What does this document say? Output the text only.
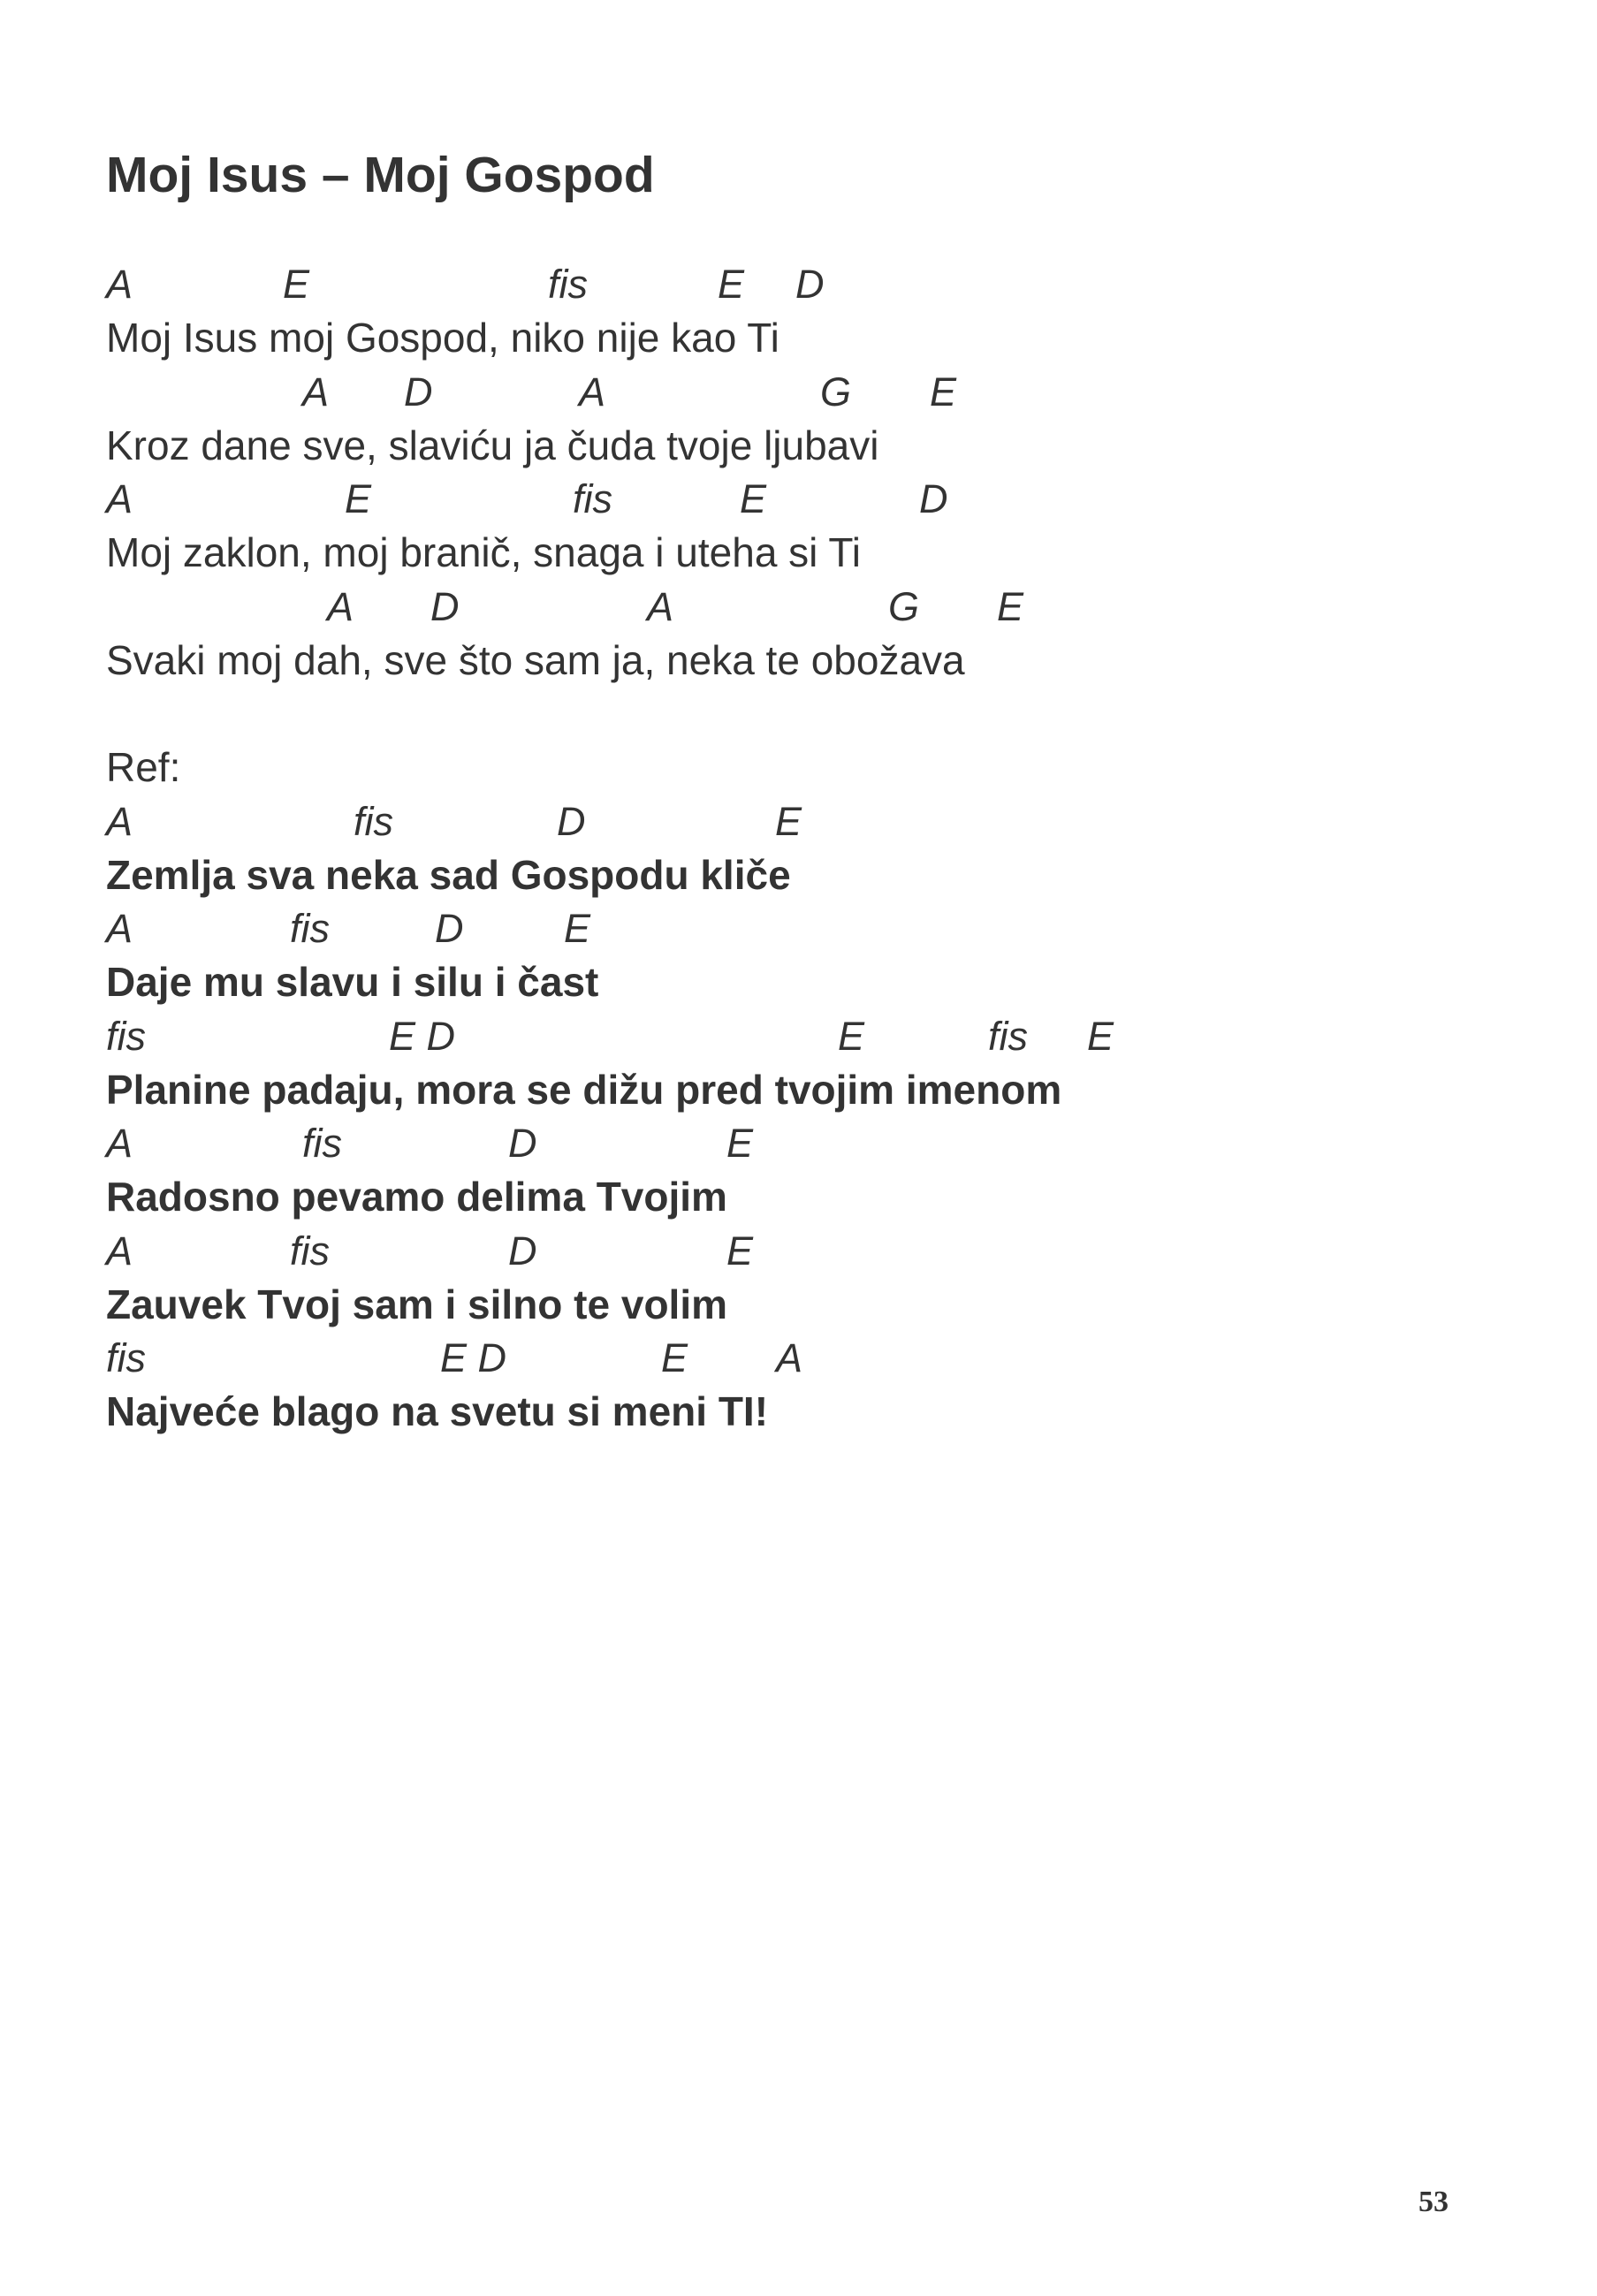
Moj Isus – Moj Gospod
A	E	fis	E D
Moj Isus moj Gospod, niko nije kao Ti
A D	A	G E
Kroz dane sve, slaviću ja čuda tvoje ljubavi
A	E	fis	E	D
Moj zaklon, moj branič, snaga i uteha si Ti
A D	A	G E
Svaki moj dah, sve što sam ja, neka te obožava
Ref:
A	fis	D	E
Zemlja sva neka sad Gospodu kliče
A	fis	D	E
Daje mu slavu i silu i čast
fis	E D	E	fis E
Planine padaju, mora se dižu pred tvojim imenom
A	fis	D	E
Radosno pevamo delima Tvojim
A	fis	D	E
Zauvek Tvoj sam i silno te volim
fis	E D	E A
Najveće blago na svetu si meni TI!
53
